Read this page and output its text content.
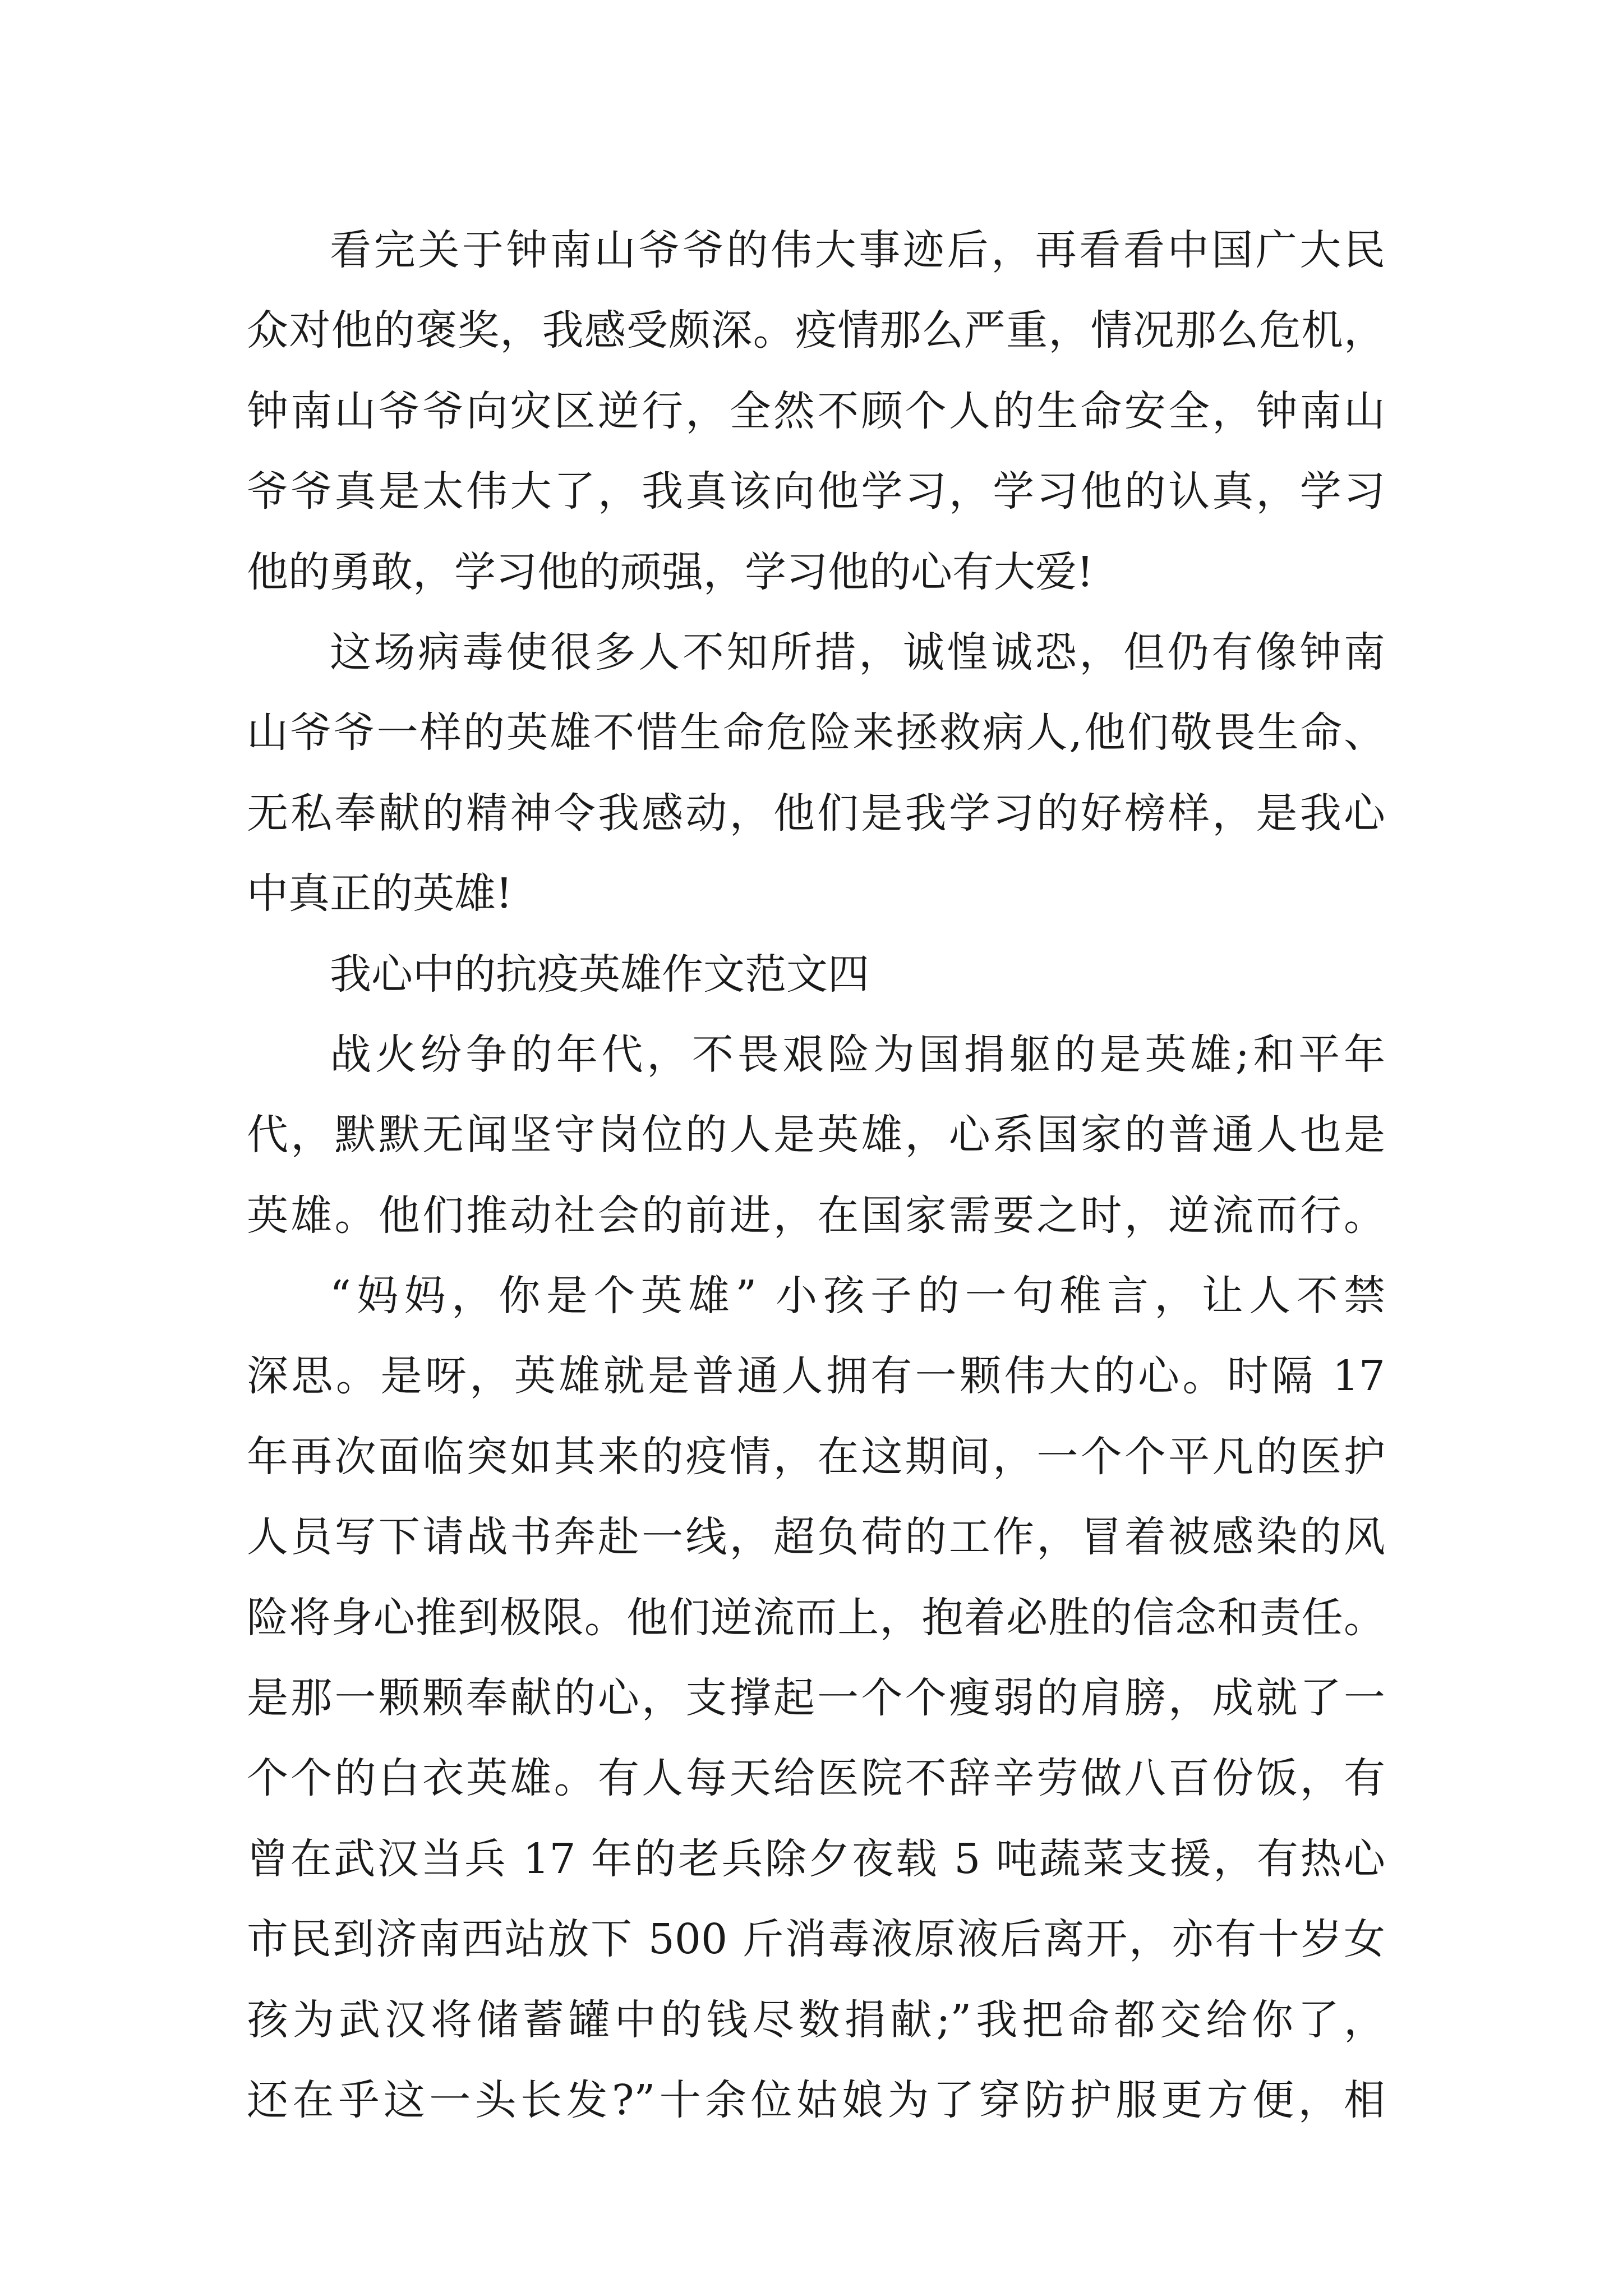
看完关于钟南山爷爷的伟大事迹后，再看看中国广大民
众对他的褒奖，我感受颇深。疫情那么严重，情况那么危机，
钟南山爷爷向灾区逆行，全然不顾个人的生命安全，钟南山
爷爷真是太伟大了，我真该向他学习，学习他的认真，学习
他的勇敢，学习他的顽强，学习他的心有大爱!
这场病毒使很多人不知所措，诚惶诚恐，但仍有像钟南
山爷爷一样的英雄不惜生命危险来拯救病人,他们敬畏生命、
无私奉献的精神令我感动，他们是我学习的好榜样，是我心
中真正的英雄!
我心中的抗疫英雄作文范文四
战火纷争的年代，不畏艰险为国捐躯的是英雄;和平年
代，默默无闻坚守岗位的人是英雄，心系国家的普通人也是
英雄。他们推动社会的前进，在国家需要之时，逆流而行。
“妈妈，你是个英雄” 小孩子的一句稚言，让人不禁
深思。是呀，英雄就是普通人拥有一颗伟大的心。时隔 17
年再次面临突如其来的疫情，在这期间，一个个平凡的医护
人员写下请战书奔赴一线，超负荷的工作，冒着被感染的风
险将身心推到极限。他们逆流而上，抱着必胜的信念和责任。
是那一颗颗奉献的心，支撑起一个个瘦弱的肩膀，成就了一
个个的白衣英雄。有人每天给医院不辞辛劳做八百份饭，有
曾在武汉当兵 17 年的老兵除夕夜载 5 吨蔬菜支援，有热心
市民到济南西站放下 500 斤消毒液原液后离开，亦有十岁女
孩为武汉将储蓄罐中的钱尽数捐献;”我把命都交给你了，
还在乎这一头长发?”十余位姑娘为了穿防护服更方便，相
